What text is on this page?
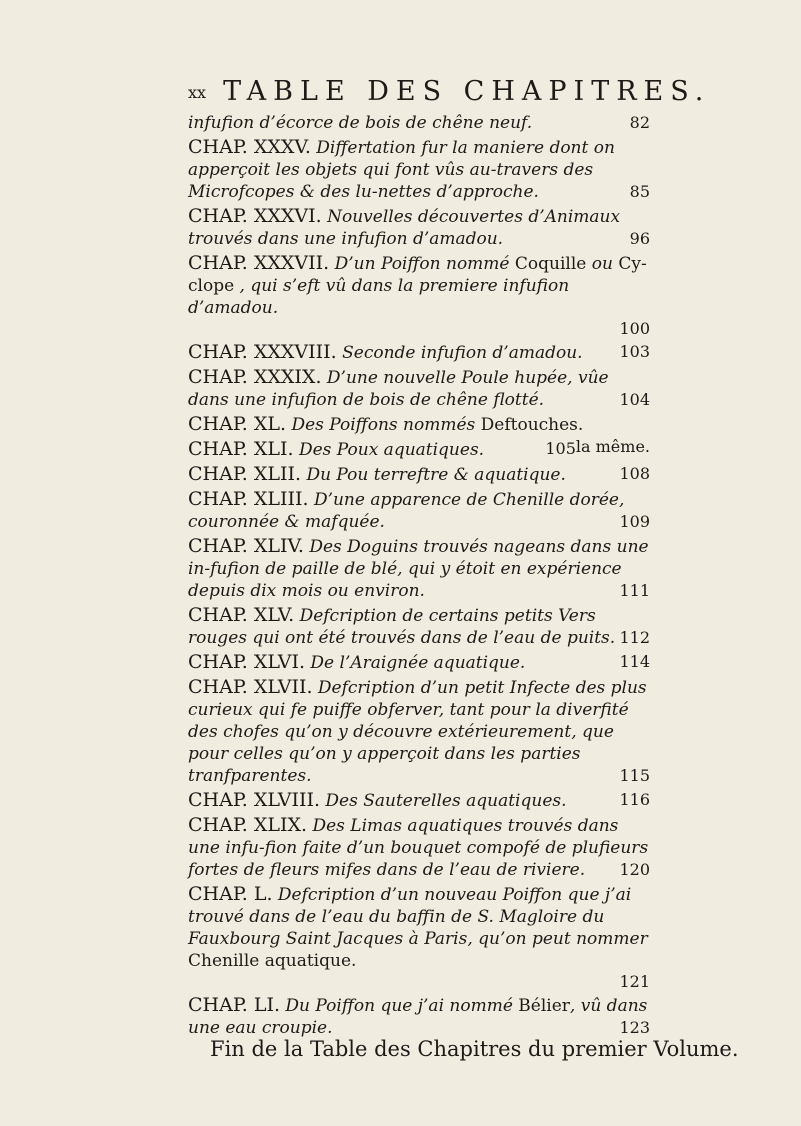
xx TABLE DES CHAPITRES.
infufion d’écorce de bois de chêne neuf.	82
CHAP. XXXV. Differtation fur la maniere dont on apperçoit les objets qui font vûs au-travers des Microfcopes & des lu-nettes d’approche.	85
CHAP. XXXVI. Nouvelles découvertes d’Animaux trouvés dans une infufion d’amadou.	96
CHAP. XXXVII. D’un Poiffon nommé Coquille ou Cy-clope , qui s’eft vû dans la premiere infufion d’amadou.
100
CHAP. XXXVIII. Seconde infufion d’amadou. 103
CHAP. XXXIX. D’une nouvelle Poule hupée, vûe dans une infufion de bois de chêne flotté.	104
CHAP. XL. Des Poiffons nommés Deftouches.
la même.
CHAP. XLI. Des Poux aquatiques.	105
CHAP. XLII. Du Pou terreftre & aquatique.	108
CHAP. XLIII. D’une apparence de Chenille dorée, couronnée & mafquée.	109
CHAP. XLIV. Des Doguins trouvés nageans dans une in-fufion de paille de blé, qui y étoit en expérience depuis dix mois ou environ.	111
CHAP. XLV. Defcription de certains petits Vers rouges qui ont été trouvés dans de l’eau de puits. 112
CHAP. XLVI. De l’Araignée aquatique.	114
CHAP. XLVII. Defcription d’un petit Infecte des plus curieux qui fe puiffe obferver, tant pour la diverfité des chofes qu’on y découvre extérieurement, que pour celles qu’on y apperçoit dans les parties tranfparentes.	115
CHAP. XLVIII. Des Sauterelles aquatiques.	116
CHAP. XLIX. Des Limas aquatiques trouvés dans une infu-fion faite d’un bouquet compofé de plufieurs fortes de fleurs mifes dans de l’eau de riviere. 120
CHAP. L. Defcription d’un nouveau Poiffon que j’ai trouvé dans de l’eau du baffin de S. Magloire du Fauxbourg Saint Jacques à Paris, qu’on peut nommer Chenille aquatique.
121
CHAP. LI. Du Poiffon que j’ai nommé Bélier, vû dans une eau croupie.	123
Fin de la Table des Chapitres du premier Volume.
